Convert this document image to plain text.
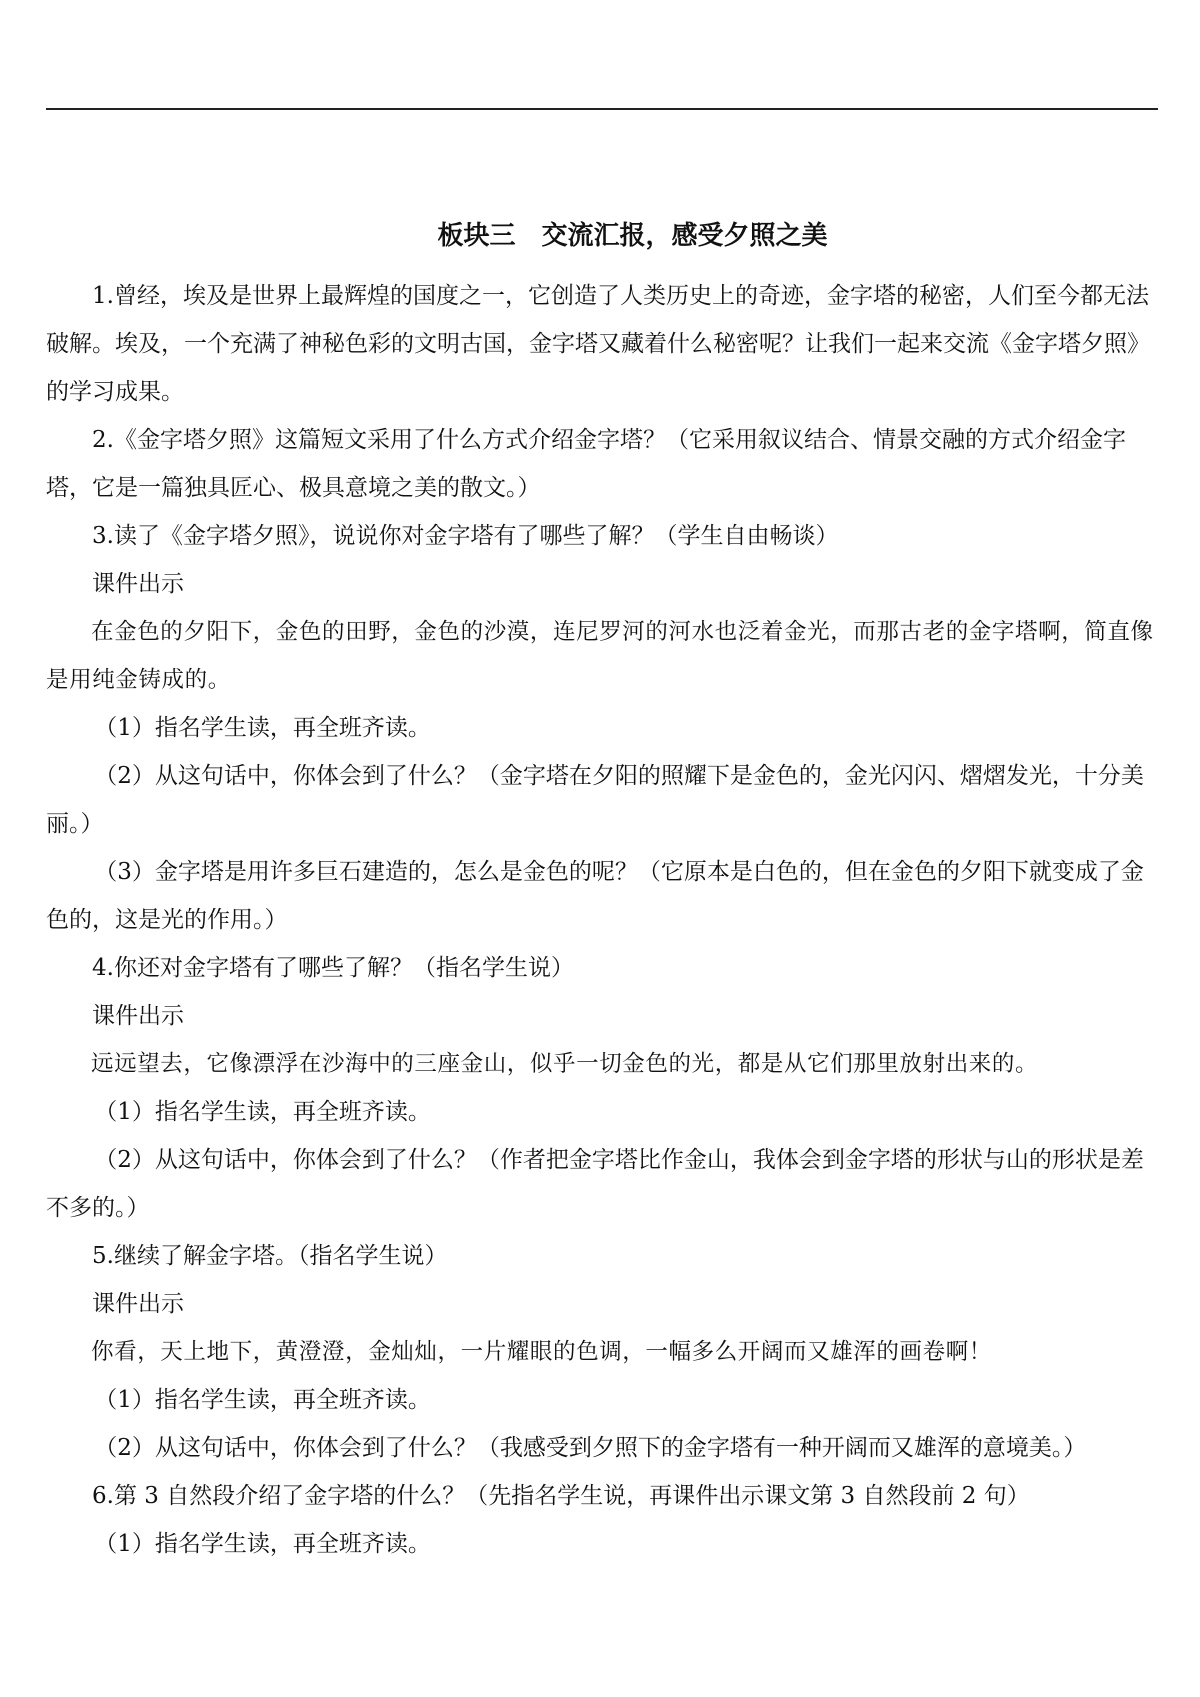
板块三　交流汇报，感受夕照之美

1.曾经，埃及是世界上最辉煌的国度之一，它创造了人类历史上的奇迹，金字塔的秘密，人们至今都无法破解。埃及，一个充满了神秘色彩的文明古国，金字塔又藏着什么秘密呢？让我们一起来交流《金字塔夕照》的学习成果。

2.《金字塔夕照》这篇短文采用了什么方式介绍金字塔？（它采用叙议结合、情景交融的方式介绍金字塔，它是一篇独具匠心、极具意境之美的散文。）

3.读了《金字塔夕照》，说说你对金字塔有了哪些了解？（学生自由畅谈）

课件出示

在金色的夕阳下，金色的田野，金色的沙漠，连尼罗河的河水也泛着金光，而那古老的金字塔啊，简直像是用纯金铸成的。

（1）指名学生读，再全班齐读。

（2）从这句话中，你体会到了什么？（金字塔在夕阳的照耀下是金色的，金光闪闪、熠熠发光，十分美丽。）

（3）金字塔是用许多巨石建造的，怎么是金色的呢？（它原本是白色的，但在金色的夕阳下就变成了金色的，这是光的作用。）

4.你还对金字塔有了哪些了解？（指名学生说）

课件出示

远远望去，它像漂浮在沙海中的三座金山，似乎一切金色的光，都是从它们那里放射出来的。

（1）指名学生读，再全班齐读。

（2）从这句话中，你体会到了什么？（作者把金字塔比作金山，我体会到金字塔的形状与山的形状是差不多的。）

5.继续了解金字塔。（指名学生说）

课件出示

你看，天上地下，黄澄澄，金灿灿，一片耀眼的色调，一幅多么开阔而又雄浑的画卷啊！

（1）指名学生读，再全班齐读。

（2）从这句话中，你体会到了什么？（我感受到夕照下的金字塔有一种开阔而又雄浑的意境美。）

6.第 3 自然段介绍了金字塔的什么？（先指名学生说，再课件出示课文第 3 自然段前 2 句）

（1）指名学生读，再全班齐读。
